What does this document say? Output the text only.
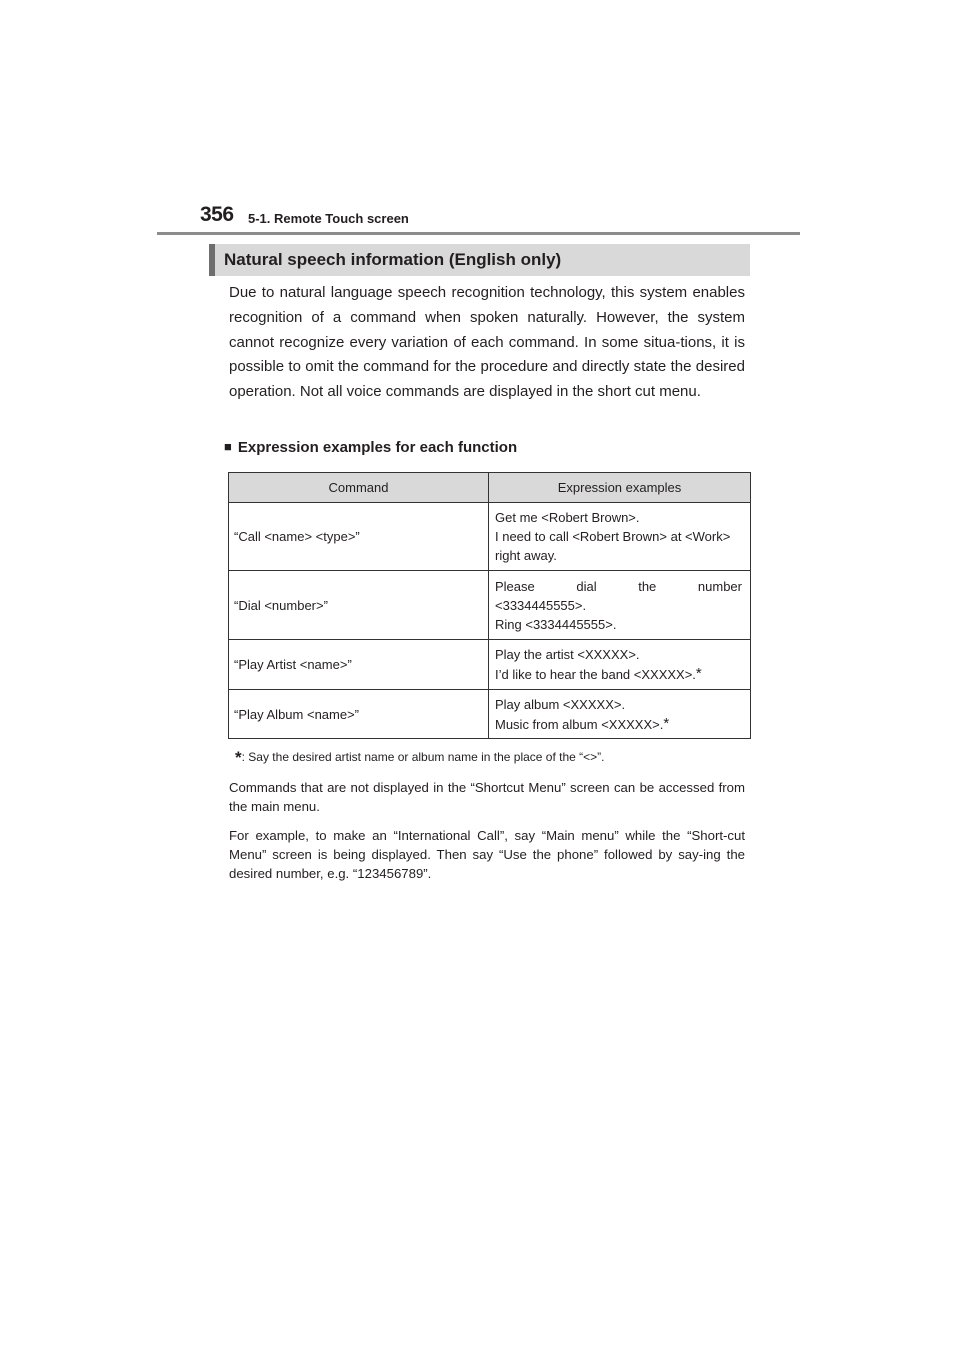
356 5-1. Remote Touch screen
Natural speech information (English only)

Due to natural language speech recognition technology, this system enables recognition of a command when spoken naturally. However, the system cannot recognize every variation of each command. In some situa-tions, it is possible to omit the command for the procedure and directly state the desired operation. Not all voice commands are displayed in the short cut menu.

■ Expression examples for each function
Command	Expression examples
“Call <name> <type>”	Get me <Robert Brown>.
I need to call <Robert Brown> at <Work>
right away.

“Dial <number>”	Please dial the number
<3334445555>.
Ring <3334445555>.

“Play Artist <name>”	Play the artist <XXXXX>.
I’d like to hear the band <XXXXX>.*

“Play Album <name>”	Play album <XXXXX>.
Music from album <XXXXX>.*
*: Say the desired artist name or album name in the place of the “<>”.

Commands that are not displayed in the “Shortcut Menu” screen can be accessed from the main menu.

For example, to make an “International Call”, say “Main menu” while the “Short-cut Menu” screen is being displayed. Then say “Use the phone” followed by say-ing the desired number, e.g. “123456789”.
